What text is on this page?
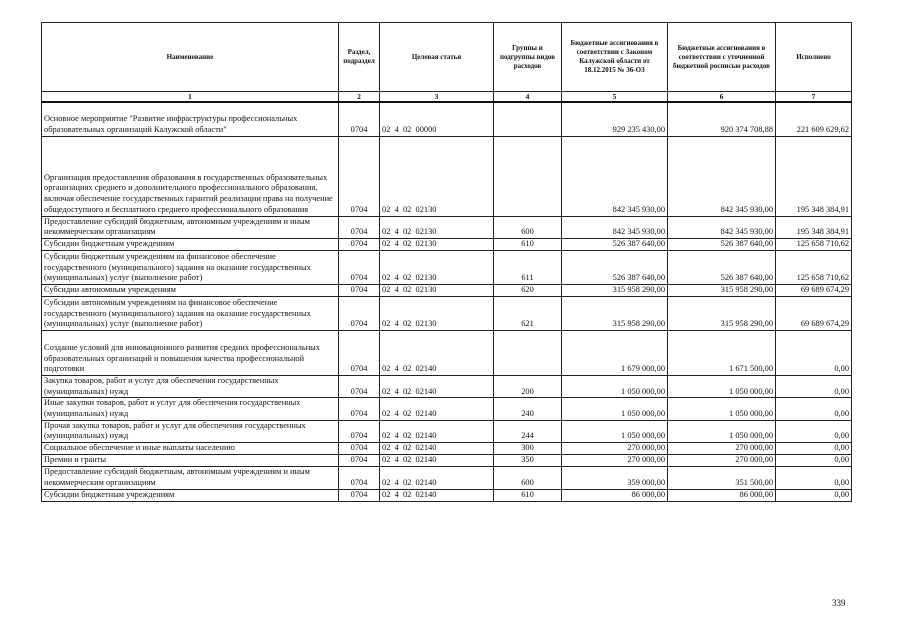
Наименование	Раздел, подраздел	Целевая статья	Группы и подгруппы видов расходов	Бюджетные ассигнования в соответствии с Законом Калужской области от 18.12.2015 № 36-ОЗ	Бюджетные ассигнования в соответствии с уточненной бюджетной росписью расходов	Исполнено
1	2	3	4	5	6	7
Основное мероприятие "Развитие инфраструктуры профессиональных образовательных организаций Калужской области"	0704	02  4  02  00000		929 235 430,00	920 374 708,88	221 609 629,62
Организация предоставления образования в государственных образовательных организациях среднего и дополнительного профессионального образования, включая обеспечение государственных гарантий реализации права на получение общедоступного и бесплатного среднего профессионального образования	0704	02  4  02  02130		842 345 930,00	842 345 930,00	195 348 384,91
Предоставление субсидий бюджетным, автономным учреждениям и иным некоммерческим организациям	0704	02  4  02  02130	600	842 345 930,00	842 345 930,00	195 348 384,91
Субсидии бюджетным учреждениям	0704	02  4  02  02130	610	526 387 640,00	526 387 640,00	125 658 710,62
Субсидии бюджетным учреждениям на финансовое обеспечение государственного (муниципального) задания на оказание государственных (муниципальных) услуг (выполнение работ)	0704	02  4  02  02130	611	526 387 640,00	526 387 640,00	125 658 710,62
Субсидии автономным учреждениям	0704	02  4  02  02130	620	315 958 290,00	315 958 290,00	69 689 674,29
Субсидии автономным учреждениям на финансовое обеспечение государственного (муниципального) задания на оказание государственных (муниципальных) услуг (выполнение работ)	0704	02  4  02  02130	621	315 958 290,00	315 958 290,00	69 689 674,29
Создание условий для инновационного развития средних профессиональных образовательных организаций и повышения качества профессиональной подготовки	0704	02  4  02  02140		1 679 000,00	1 671 500,00	0,00
Закупка товаров, работ и услуг для обеспечения государственных (муниципальных) нужд	0704	02  4  02  02140	200	1 050 000,00	1 050 000,00	0,00
Иные закупки товаров, работ и услуг для обеспечения государственных (муниципальных) нужд	0704	02  4  02  02140	240	1 050 000,00	1 050 000,00	0,00
Прочая закупка товаров, работ и услуг для обеспечения государственных (муниципальных) нужд	0704	02  4  02  02140	244	1 050 000,00	1 050 000,00	0,00
Социальное обеспечение и иные выплаты населению	0704	02  4  02  02140	300	270 000,00	270 000,00	0,00
Премии и гранты	0704	02  4  02  02140	350	270 000,00	270 000,00	0,00
Предоставление субсидий бюджетным, автономным учреждениям и иным некоммерческим организациям	0704	02  4  02  02140	600	359 000,00	351 500,00	0,00
Субсидии бюджетным учреждениям	0704	02  4  02  02140	610	86 000,00	86 000,00	0,00
339
